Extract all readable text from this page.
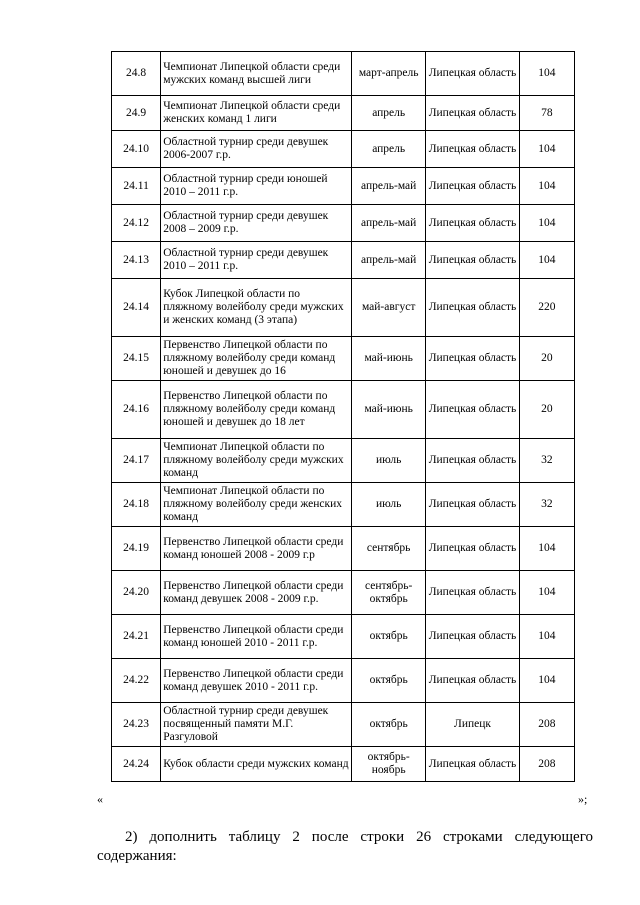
24.8	Чемпионат Липецкой области среди мужских команд высшей лиги	март-апрель	Липецкая область	104
24.9	Чемпионат Липецкой области среди женских команд 1 лиги	апрель	Липецкая область	78
24.10	Областной турнир среди девушек 2006-2007 г.р.	апрель	Липецкая область	104
24.11	Областной турнир среди юношей 2010 – 2011 г.р.	апрель-май	Липецкая область	104
24.12	Областной турнир среди девушек 2008 – 2009 г.р.	апрель-май	Липецкая область	104
24.13	Областной турнир среди девушек 2010 – 2011 г.р.	апрель-май	Липецкая область	104
24.14	Кубок Липецкой области по пляжному волейболу среди мужских и женских команд (3 этапа)	май-август	Липецкая область	220
24.15	Первенство Липецкой области по пляжному волейболу среди команд юношей и девушек до 16	май-июнь	Липецкая область	20
24.16	Первенство Липецкой области по пляжному волейболу среди команд юношей и девушек до 18 лет	май-июнь	Липецкая область	20
24.17	Чемпионат Липецкой области по пляжному волейболу среди мужских команд	июль	Липецкая область	32
24.18	Чемпионат Липецкой области по пляжному волейболу среди женских команд	июль	Липецкая область	32
24.19	Первенство Липецкой области среди команд юношей 2008 - 2009 г.р	сентябрь	Липецкая область	104
24.20	Первенство Липецкой области среди команд девушек 2008 - 2009 г.р.	сентябрь-октябрь	Липецкая область	104
24.21	Первенство Липецкой области среди команд юношей 2010 - 2011 г.р.	октябрь	Липецкая область	104
24.22	Первенство Липецкой области среди команд девушек 2010 - 2011 г.р.	октябрь	Липецкая область	104
24.23	Областной турнир среди девушек посвященный памяти М.Г. Разгуловой	октябрь	Липецк	208
24.24	Кубок области среди мужских команд	октябрь-ноябрь	Липецкая область	208
«	»;

2) дополнить таблицу 2 после строки 26 строками следующего содержания:
